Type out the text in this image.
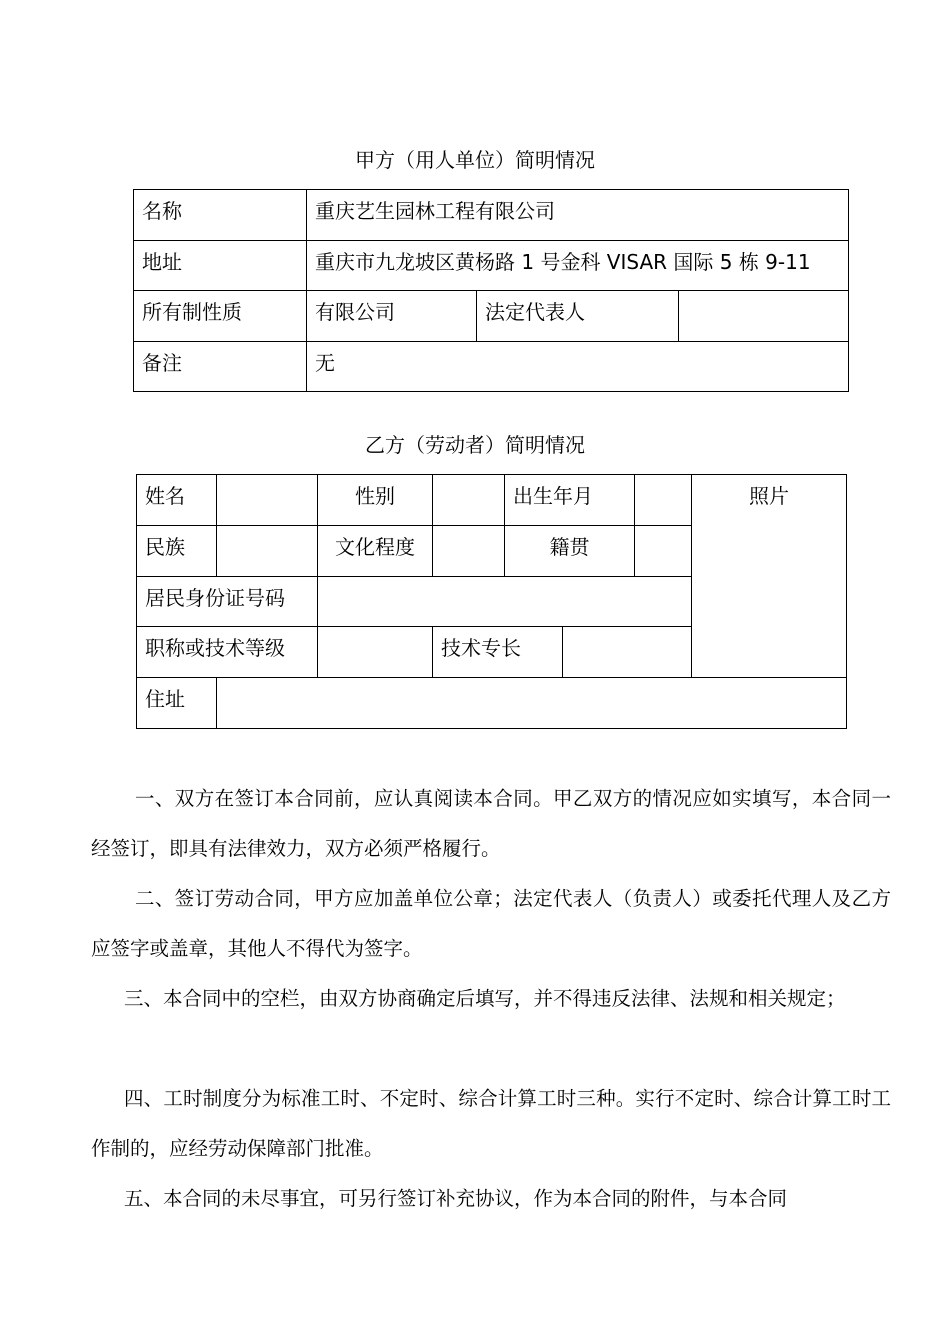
甲方（用人单位）简明情况
名称	重庆艺生园林工程有限公司		
地址	重庆市九龙坡区黄杨路 1 号金科 VISAR 国际 5 栋 9-11		
所有制性质	有限公司	法定代表人	
备注	无		
乙方（劳动者）简明情况
姓名		性别		出生年月			照片
民族		文化程度		籍贯			
居民身份证号码							
职称或技术等级			技术专长				
住址							

一、双方在签订本合同前，应认真阅读本合同。甲乙双方的情况应如实填写，本合同一经签订，即具有法律效力，双方必须严格履行。

二、签订劳动合同，甲方应加盖单位公章；法定代表人（负责人）或委托代理人及乙方应签字或盖章，其他人不得代为签字。

三、本合同中的空栏，由双方协商确定后填写，并不得违反法律、法规和相关规定；

四、工时制度分为标准工时、不定时、综合计算工时三种。实行不定时、综合计算工时工作制的，应经劳动保障部门批准。

五、本合同的未尽事宜，可另行签订补充协议，作为本合同的附件，与本合同
